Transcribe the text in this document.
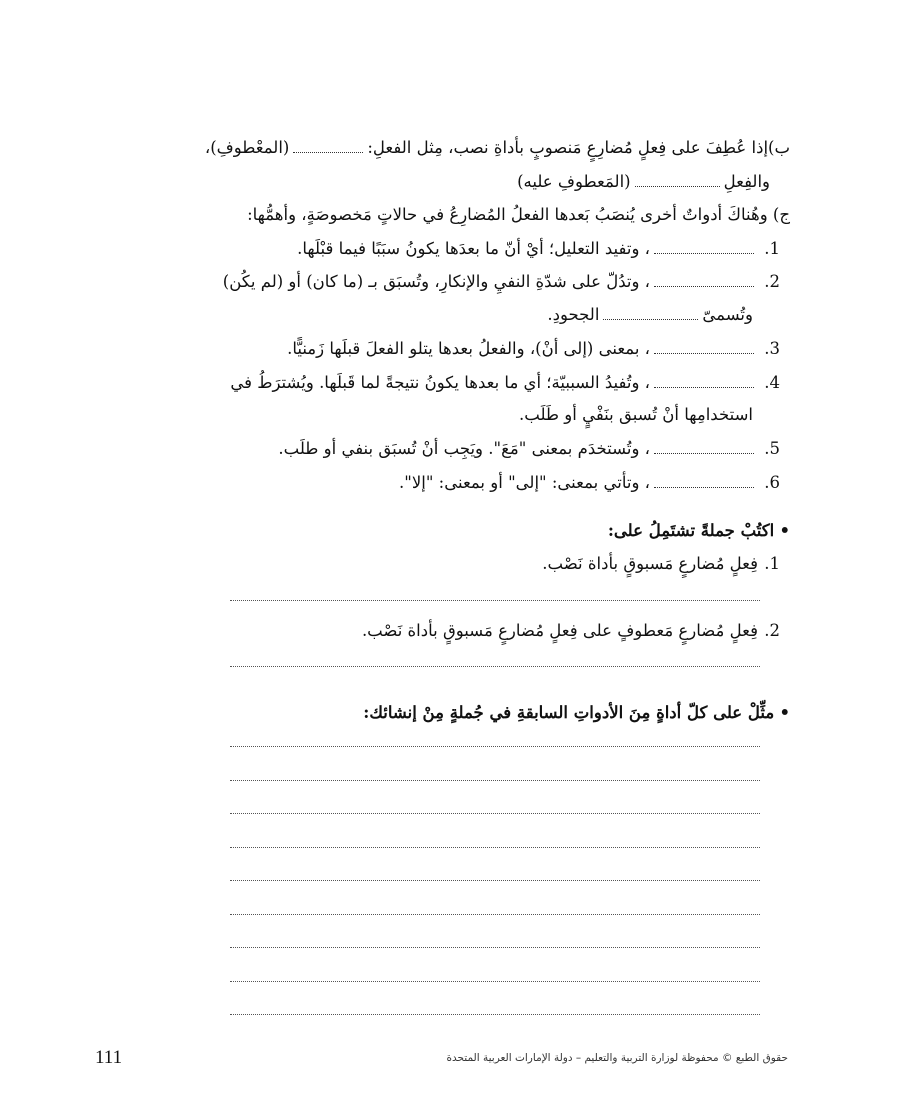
ب)إذا عُطِفَ على فِعلٍ مُضارِعٍ مَنصوبٍ بأداةِ نصب، مِثل الفعلِ:(المعْطوفِ)،
والفِعلِ(المَعطوفِ عليه)
ج) وهُناكَ أدواتٌ أخرى يُنصَبُ بَعدها الفعلُ المُضارِعُ في حالاتٍ مَخصوصَةٍ، وأهمُّها:
1.، وتفيد التعليل؛ أيْ أنّ ما بعدَها يكونُ سبَبًا فيما قبْلَها.
2.، وتدُلّ على شدّةِ النفيِ والإنكارِ، وتُسبَق بـ (ما كان) أو (لم يكُن)
وتُسمىّالجحودِ.
3.، بمعنى (إلى أنْ)، والفعلُ بعدها يتلو الفعلَ قبلَها زَمنيًّا.
4.، وتُفيدُ السببيّة؛ أي ما بعدها يكونُ نتيجةً لما قَبلَها. ويُشترَطُ في
استخدامِها أنْ تُسبق بنَفْيٍ أو طَلَب.
5.، وتُستخدَم بمعنى "مَعَ". ويَجِب أنْ تُسبَق بنفي أو طلَب.
6.، وتأتي بمعنى: "إلى" أو بمعنى: "إلا".
• اكتُبْ جملةً تشتَمِلُ على:
1.فِعلٍ مُضارعٍ مَسبوقٍ بأداة نَصْب.
2.فِعلٍ مُضارعٍ مَعطوفٍ على فِعلٍ مُضارعٍ مَسبوقٍ بأداة نَصْب.
• مثِّلْ على كلّ أداةٍ مِنَ الأدواتِ السابقةِ في جُملةٍ مِنْ إنشائك:
111	حقوق الطبع © محفوظة لوزارة التربية والتعليم – دولة الإمارات العربية المتحدة
